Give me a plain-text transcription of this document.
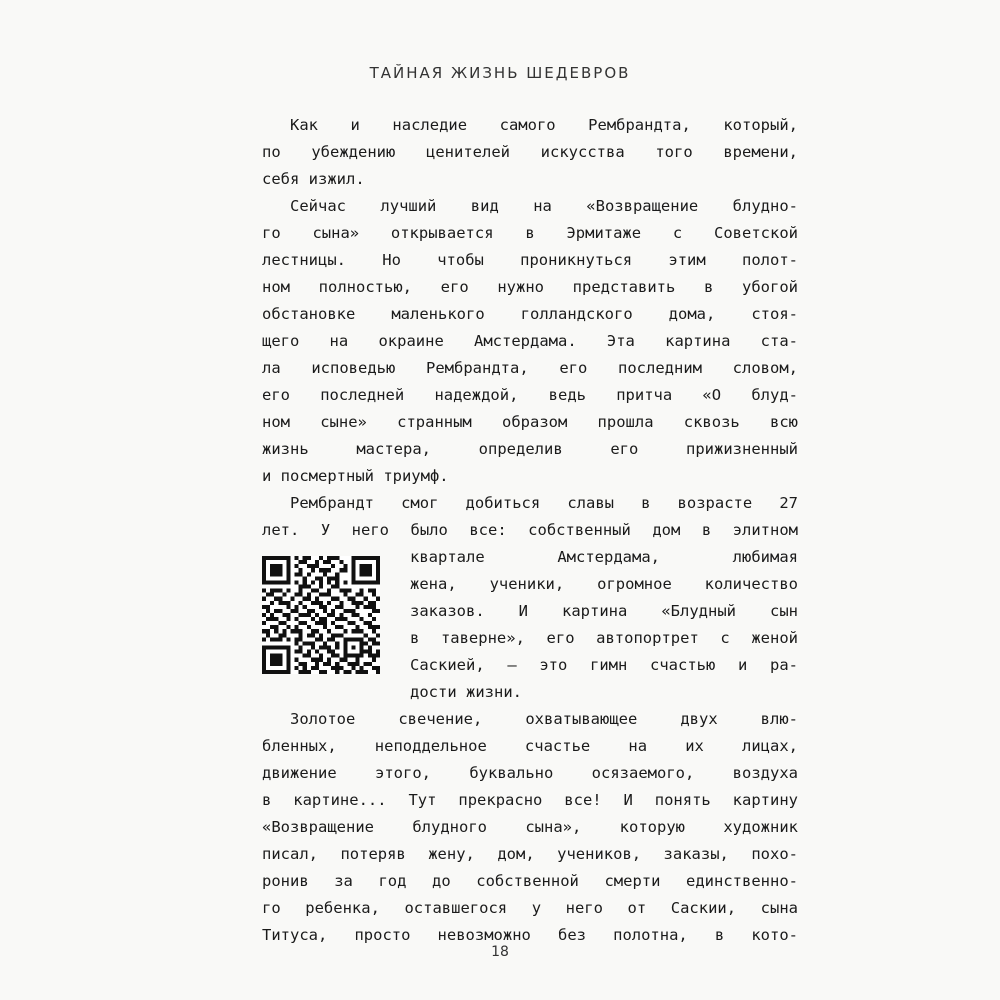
ТАЙНАЯ ЖИЗНЬ ШЕДЕВРОВ
Как и наследие самого Рембрандта, который,
по убеждению ценителей искусства того времени,
себя изжил.
Сейчас лучший вид на «Возвращение блудно-
го сына» открывается в Эрмитаже с Советской
лестницы. Но чтобы проникнуться этим полот-
ном полностью, его нужно представить в убогой
обстановке маленького голландского дома, стоя-
щего на окраине Амстердама. Эта картина ста-
ла исповедью Рембрандта, его последним словом,
его последней надеждой, ведь притча «О блуд-
ном сыне» странным образом прошла сквозь всю
жизнь мастера, определив его прижизненный
и посмертный триумф.
Рембрандт смог добиться славы в возрасте 27
лет. У него было все: собственный дом в элитном
квартале Амстердама, любимая
жена, ученики, огромное количество
заказов. И картина «Блудный сын
в таверне», его автопортрет с женой
Саскией, — это гимн счастью и ра-
дости жизни.
Золотое свечение, охватывающее двух влю-
бленных, неподдельное счастье на их лицах,
движение этого, буквально осязаемого, воздуха
в картине... Тут прекрасно все! И понять картину
«Возвращение блудного сына», которую художник
писал, потеряв жену, дом, учеников, заказы, похо-
ронив за год до собственной смерти единственно-
го ребенка, оставшегося у него от Саскии, сына
Титуса, просто невозможно без полотна, в кото-
18
